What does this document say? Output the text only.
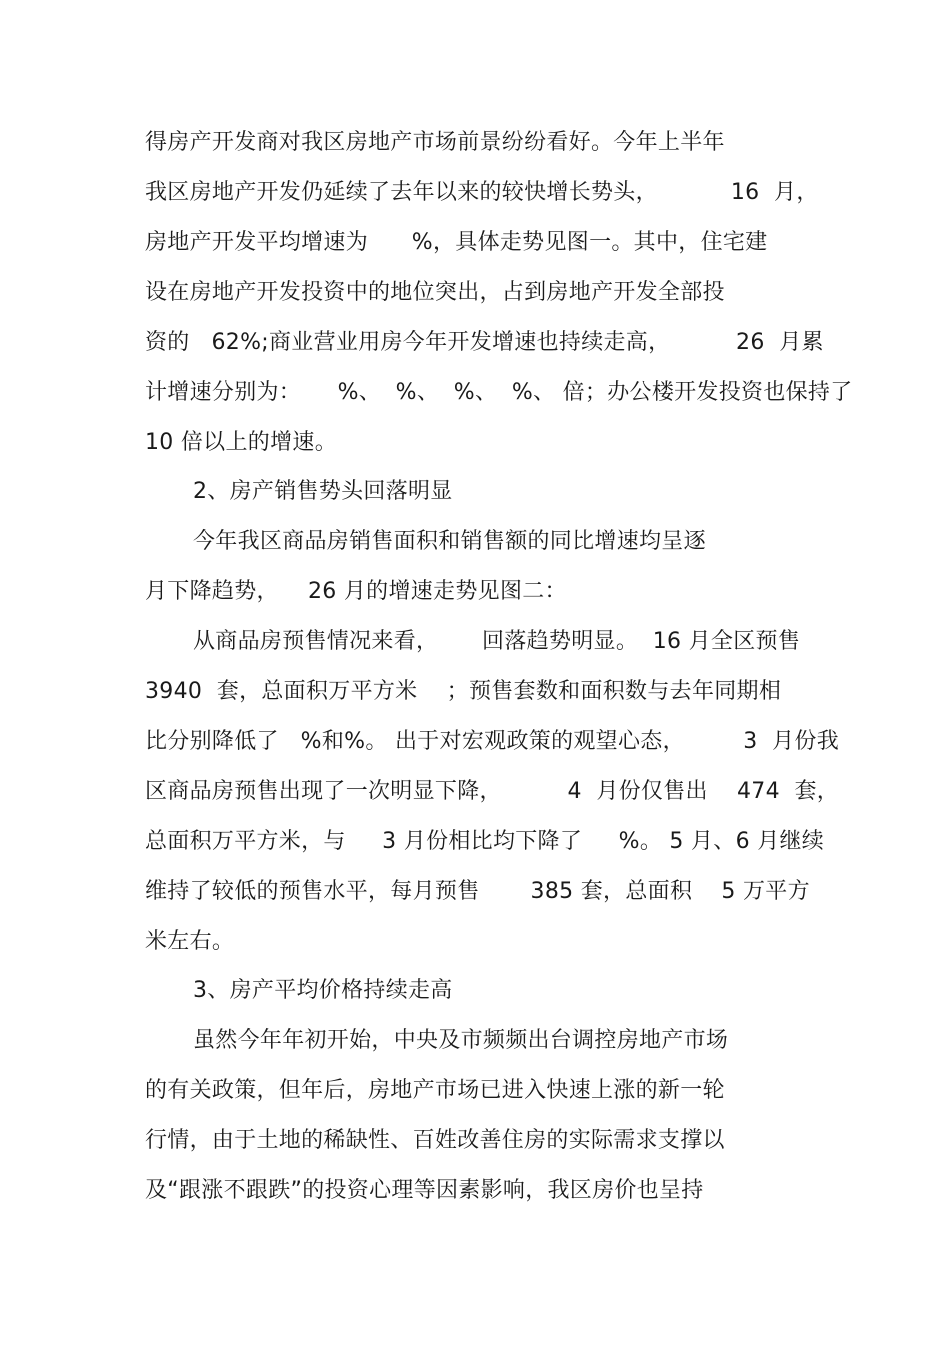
得房产开发商对我区房地产市场前景纷纷看好。今年上半年
我区房地产开发仍延续了去年以来的较快增长势头，          16  月，
房地产开发平均增速为      %，具体走势见图一。其中，住宅建
设在房地产开发投资中的地位突出，占到房地产开发全部投
资的   62%;商业营业用房今年开发增速也持续走高，         26  月累
计增速分别为：     %、  %、  %、  %、 倍；办公楼开发投资也保持了
10 倍以上的增速。
2、房产销售势头回落明显
今年我区商品房销售面积和销售额的同比增速均呈逐
月下降趋势，    26 月的增速走势见图二：
从商品房预售情况来看，      回落趋势明显。  16 月全区预售
3940  套，总面积万平方米    ；预售套数和面积数与去年同期相
比分别降低了   %和%。 出于对宏观政策的观望心态，        3  月份我
区商品房预售出现了一次明显下降，         4  月份仅售出    474  套，
总面积万平方米，与     3 月份相比均下降了     %。 5 月、6 月继续
维持了较低的预售水平，每月预售       385 套，总面积    5 万平方
米左右。
3、房产平均价格持续走高
虽然今年年初开始，中央及市频频出台调控房地产市场
的有关政策，但年后，房地产市场已进入快速上涨的新一轮
行情，由于土地的稀缺性、百姓改善住房的实际需求支撑以
及“跟涨不跟跌”的投资心理等因素影响，我区房价也呈持
